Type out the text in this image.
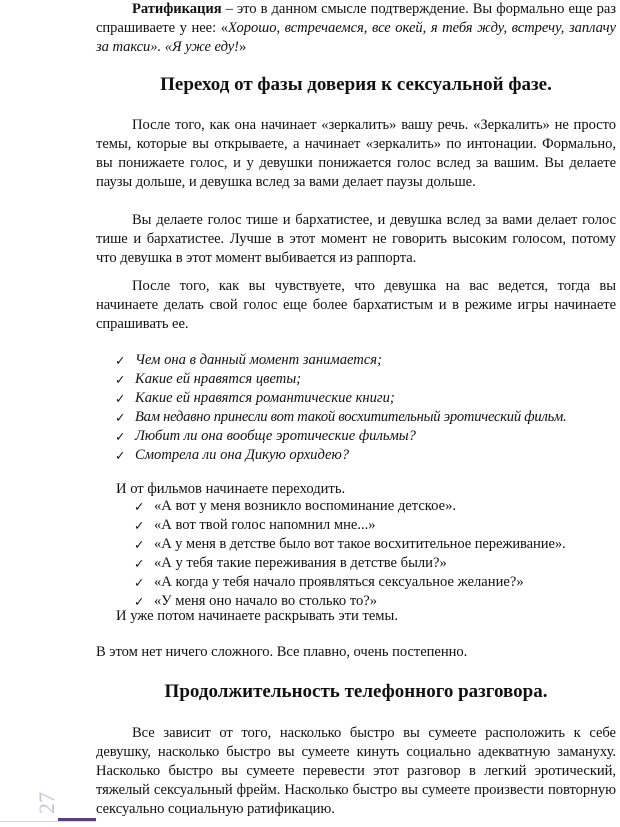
Ратификация – это в данном смысле подтверждение. Вы формально еще раз спрашиваете у нее: «Хорошо, встречаемся, все окей, я тебя жду, встречу, заплачу за такси». «Я уже еду!»

Переход от фазы доверия к сексуальной фазе.

После того, как она начинает «зеркалить» вашу речь. «Зеркалить» не просто темы, которые вы открываете, а начинает «зеркалить» по интонации. Формально, вы понижаете голос, и у девушки понижается голос вслед за вашим. Вы делаете паузы дольше, и девушка вслед за вами делает паузы дольше.

Вы делаете голос тише и бархатистее, и девушка вслед за вами делает голос тише и бархатистее. Лучше в этот момент не говорить высоким голосом, потому что девушка в этот момент выбивается из раппорта.

После того, как вы чувствуете, что девушка на вас ведется, тогда вы начинаете делать свой голос еще более бархатистым и в режиме игры начинаете спрашивать ее.

✓ Чем она в данный момент занимается;
✓ Какие ей нравятся цветы;
✓ Какие ей нравятся романтические книги;
✓ Вам недавно принесли вот такой восхитительный эротический фильм.
✓ Любит ли она вообще эротические фильмы?
✓ Смотрела ли она Дикую орхидею?

И от фильмов начинаете переходить.

✓ «А вот у меня возникло воспоминание детское».
✓ «А вот твой голос напомнил мне...»
✓ «А у меня в детстве было вот такое восхитительное переживание».
✓ «А у тебя такие переживания в детстве были?»
✓ «А когда у тебя начало проявляться сексуальное желание?»
✓ «У меня оно начало во столько то?»

И уже потом начинаете раскрывать эти темы.

В этом нет ничего сложного. Все плавно, очень постепенно.

Продолжительность телефонного разговора.

Все зависит от того, насколько быстро вы сумеете расположить к себе девушку, насколько быстро вы сумеете кинуть социально адекватную замануху. Насколько быстро вы сумеете перевести этот разговор в легкий эротический, тяжелый сексуальный фрейм. Насколько быстро вы сумеете произвести повторную сексуально социальную ратификацию.

27
